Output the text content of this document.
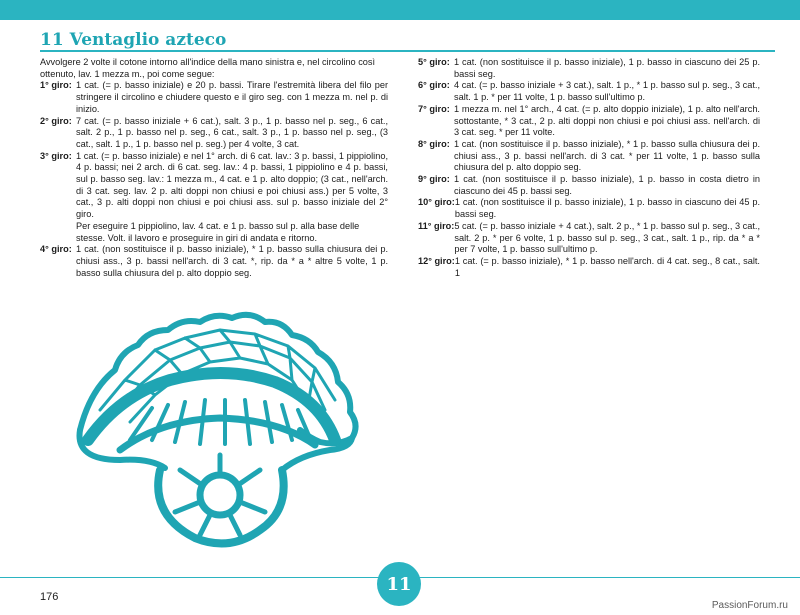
11 Ventaglio azteco
Avvolgere 2 volte il cotone intorno all'indice della mano sinistra e, nel circolino così ottenuto, lav. 1 mezza m., poi come segue:
1° giro: 1 cat. (= p. basso iniziale) e 20 p. bassi. Tirare l'estremità libera del filo per stringere il circolino e chiudere questo e il giro seg. con 1 mezza m. nel p. di inizio.
2° giro: 7 cat. (= p. basso iniziale + 6 cat.), salt. 3 p., 1 p. basso nel p. seg., 6 cat., salt. 2 p., 1 p. basso nel p. seg., 6 cat., salt. 3 p., 1 p. basso nel p. seg., (3 cat., salt. 1 p., 1 p. basso nel p. seg.) per 4 volte, 3 cat.
3° giro: 1 cat. (= p. basso iniziale) e nel 1° arch. di 6 cat. lav.: 3 p. bassi, 1 pippiolino, 4 p. bassi; nei 2 arch. di 6 cat. seg. lav.: 4 p. bassi, 1 pippiolino e 4 p. bassi, sul p. basso seg. lav.: 1 mezza m., 4 cat. e 1 p. alto doppio; (3 cat., nell'arch. di 3 cat. seg. lav. 2 p. alti doppi non chiusi e poi chiusi ass.) per 5 volte, 3 cat., 3 p. alti doppi non chiusi e poi chiusi ass. sul p. basso iniziale del 2° giro.
Per eseguire 1 pippiolino, lav. 4 cat. e 1 p. basso sul p. alla base delle stesse. Volt. il lavoro e proseguire in giri di andata e ritorno.
4° giro: 1 cat. (non sostituisce il p. basso iniziale), * 1 p. basso sulla chiusura dei p. chiusi ass., 3 p. bassi nell'arch. di 3 cat. *, rip. da * a * altre 5 volte, 1 p. basso sulla chiusura del p. alto doppio seg.
5° giro: 1 cat. (non sostituisce il p. basso iniziale), 1 p. basso in ciascuno dei 25 p. bassi seg.
6° giro: 4 cat. (= p. basso iniziale + 3 cat.), salt. 1 p., * 1 p. basso sul p. seg., 3 cat., salt. 1 p. * per 11 volte, 1 p. basso sull'ultimo p.
7° giro: 1 mezza m. nel 1° arch., 4 cat. (= p. alto doppio iniziale), 1 p. alto nell'arch. sottostante, * 3 cat., 2 p. alti doppi non chiusi e poi chiusi ass. nell'arch. di 3 cat. seg. * per 11 volte.
8° giro: 1 cat. (non sostituisce il p. basso iniziale), * 1 p. basso sulla chiusura dei p. chiusi ass., 3 p. bassi nell'arch. di 3 cat. * per 11 volte, 1 p. basso sulla chiusura del p. alto doppio seg.
9° giro: 1 cat. (non sostituisce il p. basso iniziale), 1 p. basso in costa dietro in ciascuno dei 45 p. bassi seg.
10° giro: 1 cat. (non sostituisce il p. basso iniziale), 1 p. basso in ciascuno dei 45 p. bassi seg.
11° giro: 5 cat. (= p. basso iniziale + 4 cat.), salt. 2 p., * 1 p. basso sul p. seg., 3 cat., salt. 2 p. * per 6 volte, 1 p. basso sul p. seg., 3 cat., salt. 1 p., rip. da * a * per 7 volte, 1 p. basso sull'ultimo p.
12° giro: 1 cat. (= p. basso iniziale), * 1 p. basso nell'arch. di 4 cat. seg., 8 cat., salt. 1
176
11
PassionForum.ru
